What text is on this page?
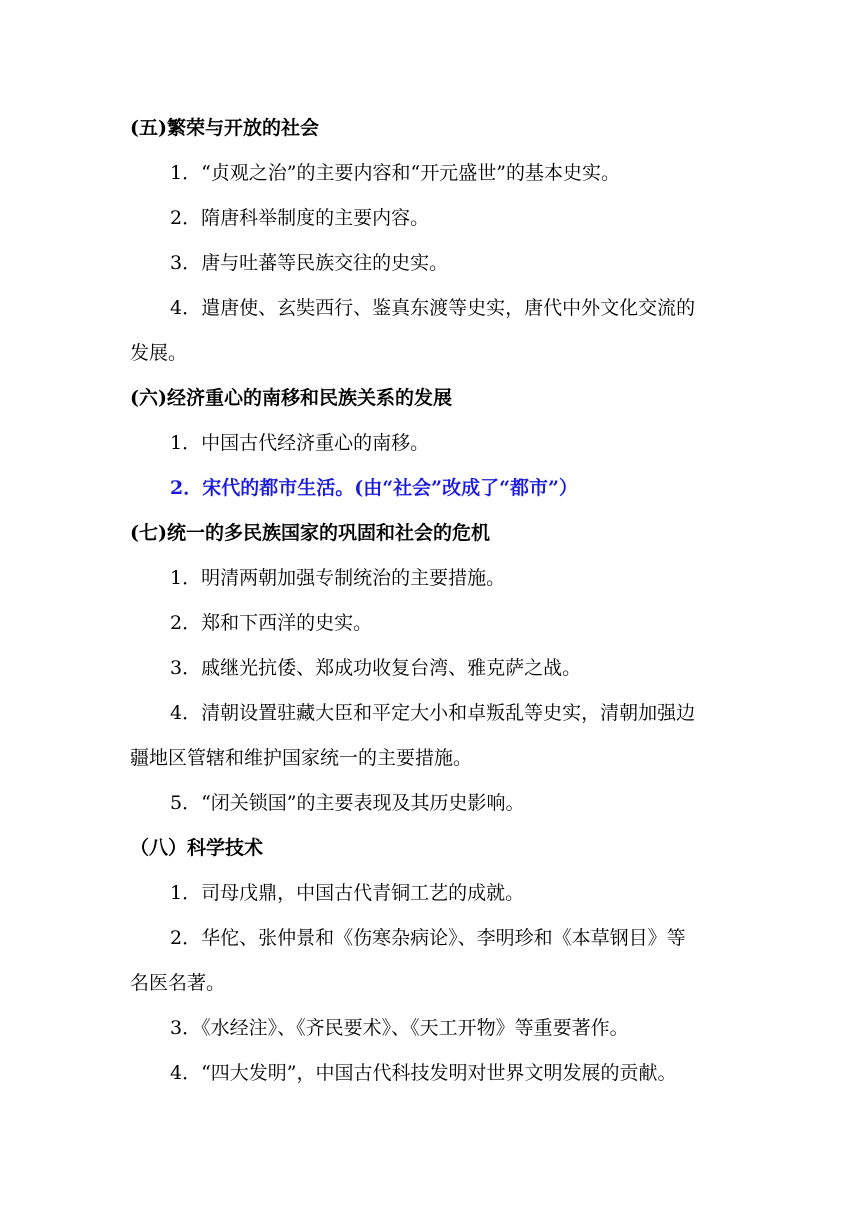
(五)繁荣与开放的社会
1．“贞观之治”的主要内容和“开元盛世”的基本史实。
2．隋唐科举制度的主要内容。
3．唐与吐蕃等民族交往的史实。
4．遣唐使、玄奘西行、鉴真东渡等史实，唐代中外文化交流的
发展。
(六)经济重心的南移和民族关系的发展
1．中国古代经济重心的南移。
2．宋代的都市生活。(由“社会”改成了“都市”）
(七)统一的多民族国家的巩固和社会的危机
1．明清两朝加强专制统治的主要措施。
2．郑和下西洋的史实。
3．戚继光抗倭、郑成功收复台湾、雅克萨之战。
4．清朝设置驻藏大臣和平定大小和卓叛乱等史实，清朝加强边
疆地区管辖和维护国家统一的主要措施。
5．“闭关锁国”的主要表现及其历史影响。
（八）科学技术
1．司母戊鼎，中国古代青铜工艺的成就。
2．华佗、张仲景和《伤寒杂病论》、李明珍和《本草钢目》等
名医名著。
3．《水经注》、《齐民要术》、《天工开物》等重要著作。
4．“四大发明”，中国古代科技发明对世界文明发展的贡献。
